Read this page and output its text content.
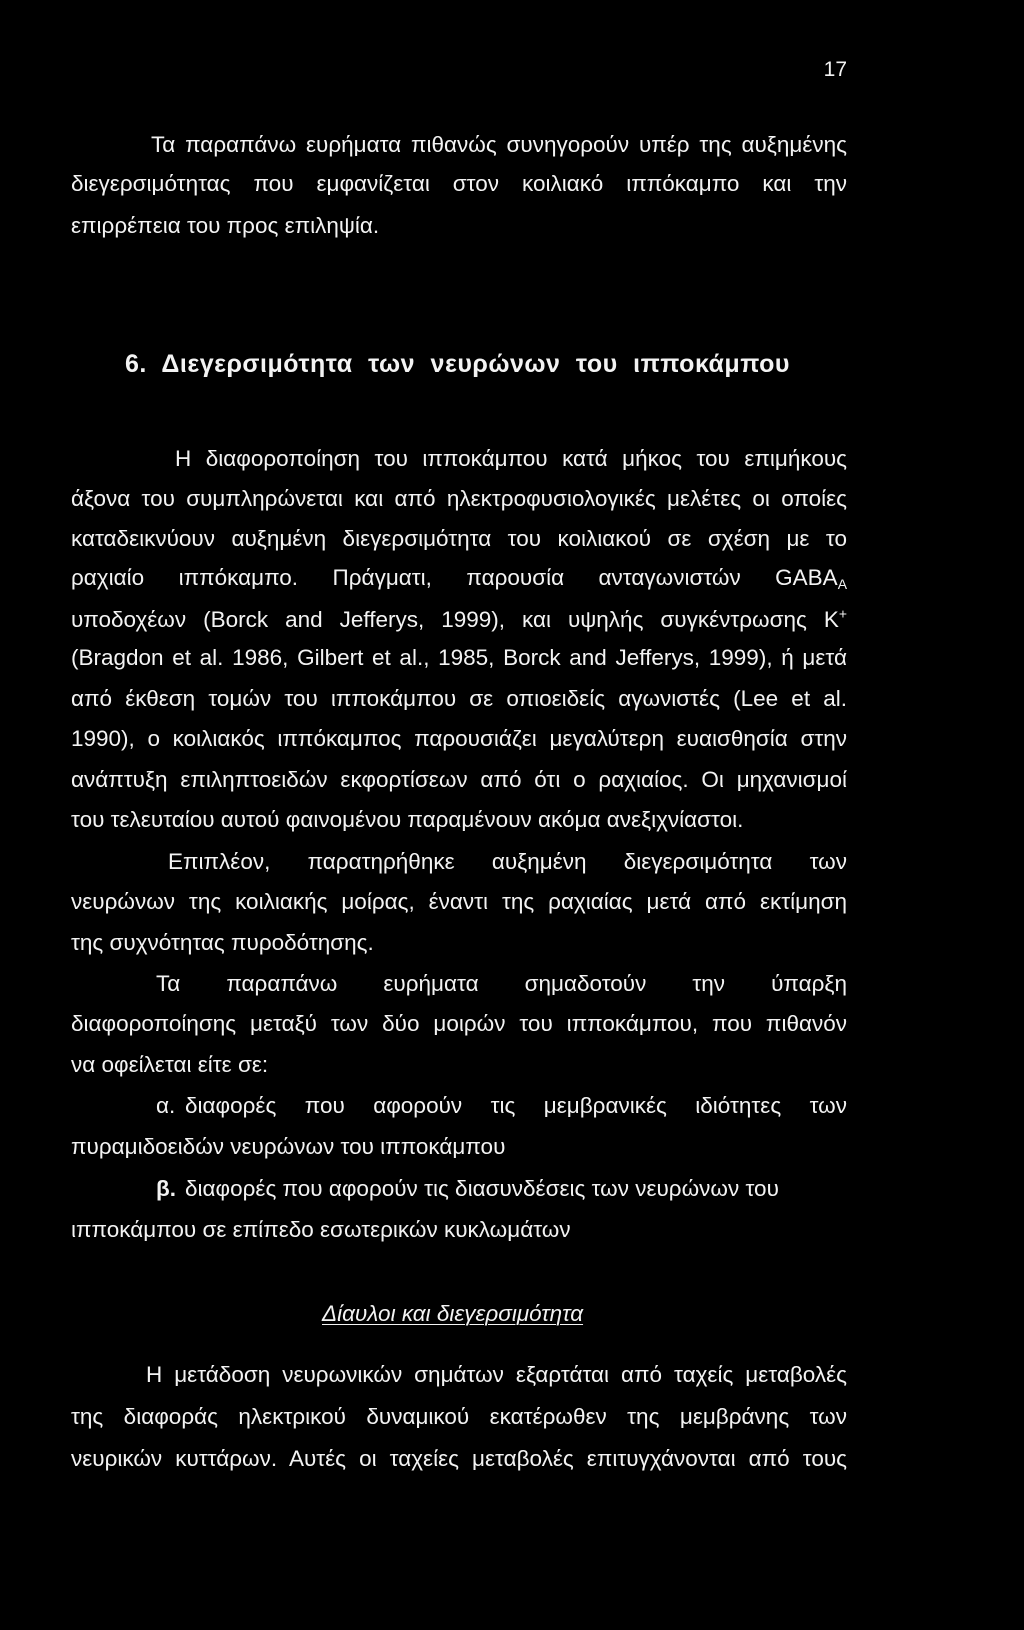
17
Τα παραπάνω ευρήματα πιθανώς συνηγορούν υπέρ της αυξημένης
διεγερσιμότητας που εμφανίζεται στον κοιλιακό ιππόκαμπο και την
επιρρέπεια του προς επιληψία.
6. Διεγερσιμότητα των νευρώνων του ιπποκάμπου
Η διαφοροποίηση του ιπποκάμπου κατά μήκος του επιμήκους
άξονα του συμπληρώνεται και από ηλεκτροφυσιολογικές μελέτες οι οποίες
καταδεικνύουν αυξημένη διεγερσιμότητα του κοιλιακού σε σχέση με το
ραχιαίο ιππόκαμπο. Πράγματι, παρουσία ανταγωνιστών $GABA_A$
υποδοχέων (Borck and Jefferys, 1999), και υψηλής συγκέντρωσης K+
(Bragdon et al. 1986, Gilbert et al., 1985, Borck and Jefferys, 1999), ή μετά
από έκθεση τομών του ιπποκάμπου σε οπιοειδείς αγωνιστές (Lee et al.
1990), ο κοιλιακός ιππόκαμπος παρουσιάζει μεγαλύτερη ευαισθησία στην
ανάπτυξη επιληπτοειδών εκφορτίσεων από ότι ο ραχιαίος. Οι μηχανισμοί
του τελευταίου αυτού φαινομένου παραμένουν ακόμα ανεξιχνίαστοι.
Επιπλέον, παρατηρήθηκε αυξημένη διεγερσιμότητα των
νευρώνων της κοιλιακής μοίρας, έναντι της ραχιαίας μετά από εκτίμηση
της συχνότητας πυροδότησης.
Τα παραπάνω ευρήματα σημαδοτούν την ύπαρξη
διαφοροποίησης μεταξύ των δύο μοιρών του ιπποκάμπου, που πιθανόν
να οφείλεται είτε σε:
α. διαφορές που αφορούν τις μεμβρανικές ιδιότητες των
πυραμιδοειδών νευρώνων του ιπποκάμπου
β. διαφορές που αφορούν τις διασυνδέσεις των νευρώνων του
ιπποκάμπου σε επίπεδο εσωτερικών κυκλωμάτων
Δίαυλοι και διεγερσιμότητα
Η μετάδοση νευρωνικών σημάτων εξαρτάται από ταχείς μεταβολές
της διαφοράς ηλεκτρικού δυναμικού εκατέρωθεν της μεμβράνης των
νευρικών κυττάρων. Αυτές οι ταχείες μεταβολές επιτυγχάνονται από τους
